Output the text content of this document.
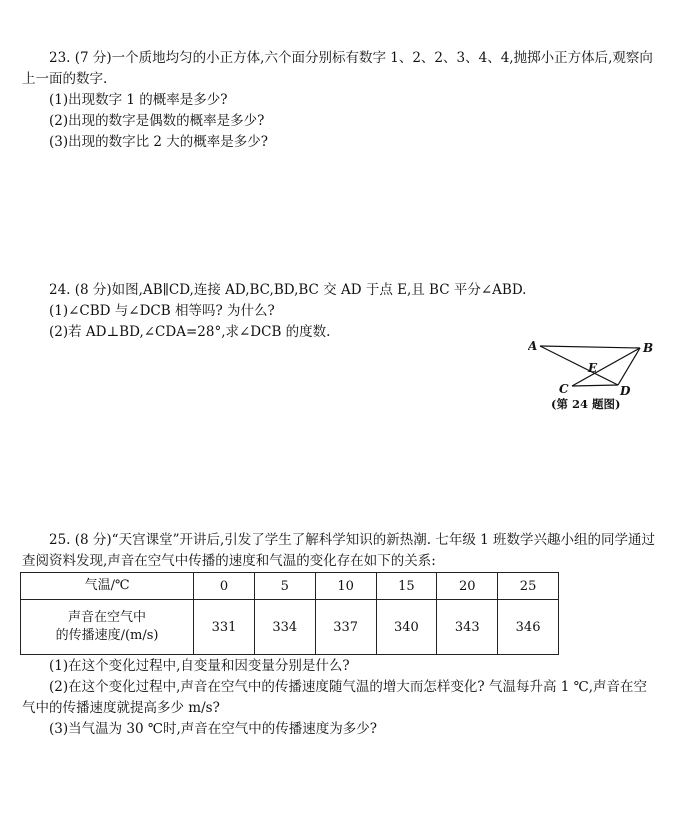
23. (7 分)一个质地均匀的小正方体,六个面分别标有数字 1、2、2、3、4、4,抛掷小正方体后,观察向上一面的数字.
(1)出现数字 1 的概率是多少?
(2)出现的数字是偶数的概率是多少?
(3)出现的数字比 2 大的概率是多少?
24. (8 分)如图,AB∥CD,连接 AD,BC,BD,BC 交 AD 于点 E,且 BC 平分∠ABD.
(1)∠CBD 与∠DCB 相等吗? 为什么?
(2)若 AD⊥BD,∠CDA=28°,求∠DCB 的度数.
A	B
E
C	D
(第 24 题图)
25. (8 分)“天宫课堂”开讲后,引发了学生了解科学知识的新热潮. 七年级 1 班数学兴趣小组的同学通过查阅资料发现,声音在空气中传播的速度和气温的变化存在如下的关系:
气温/℃	0	5	10	15	20	25

声音在空气中
的传播速度/(m/s)	331	334	337	340	343	346
(1)在这个变化过程中,自变量和因变量分别是什么?
(2)在这个变化过程中,声音在空气中的传播速度随气温的增大而怎样变化? 气温每升高 1 ℃,声音在空气中的传播速度就提高多少 m/s?
(3)当气温为 30 ℃时,声音在空气中的传播速度为多少?
